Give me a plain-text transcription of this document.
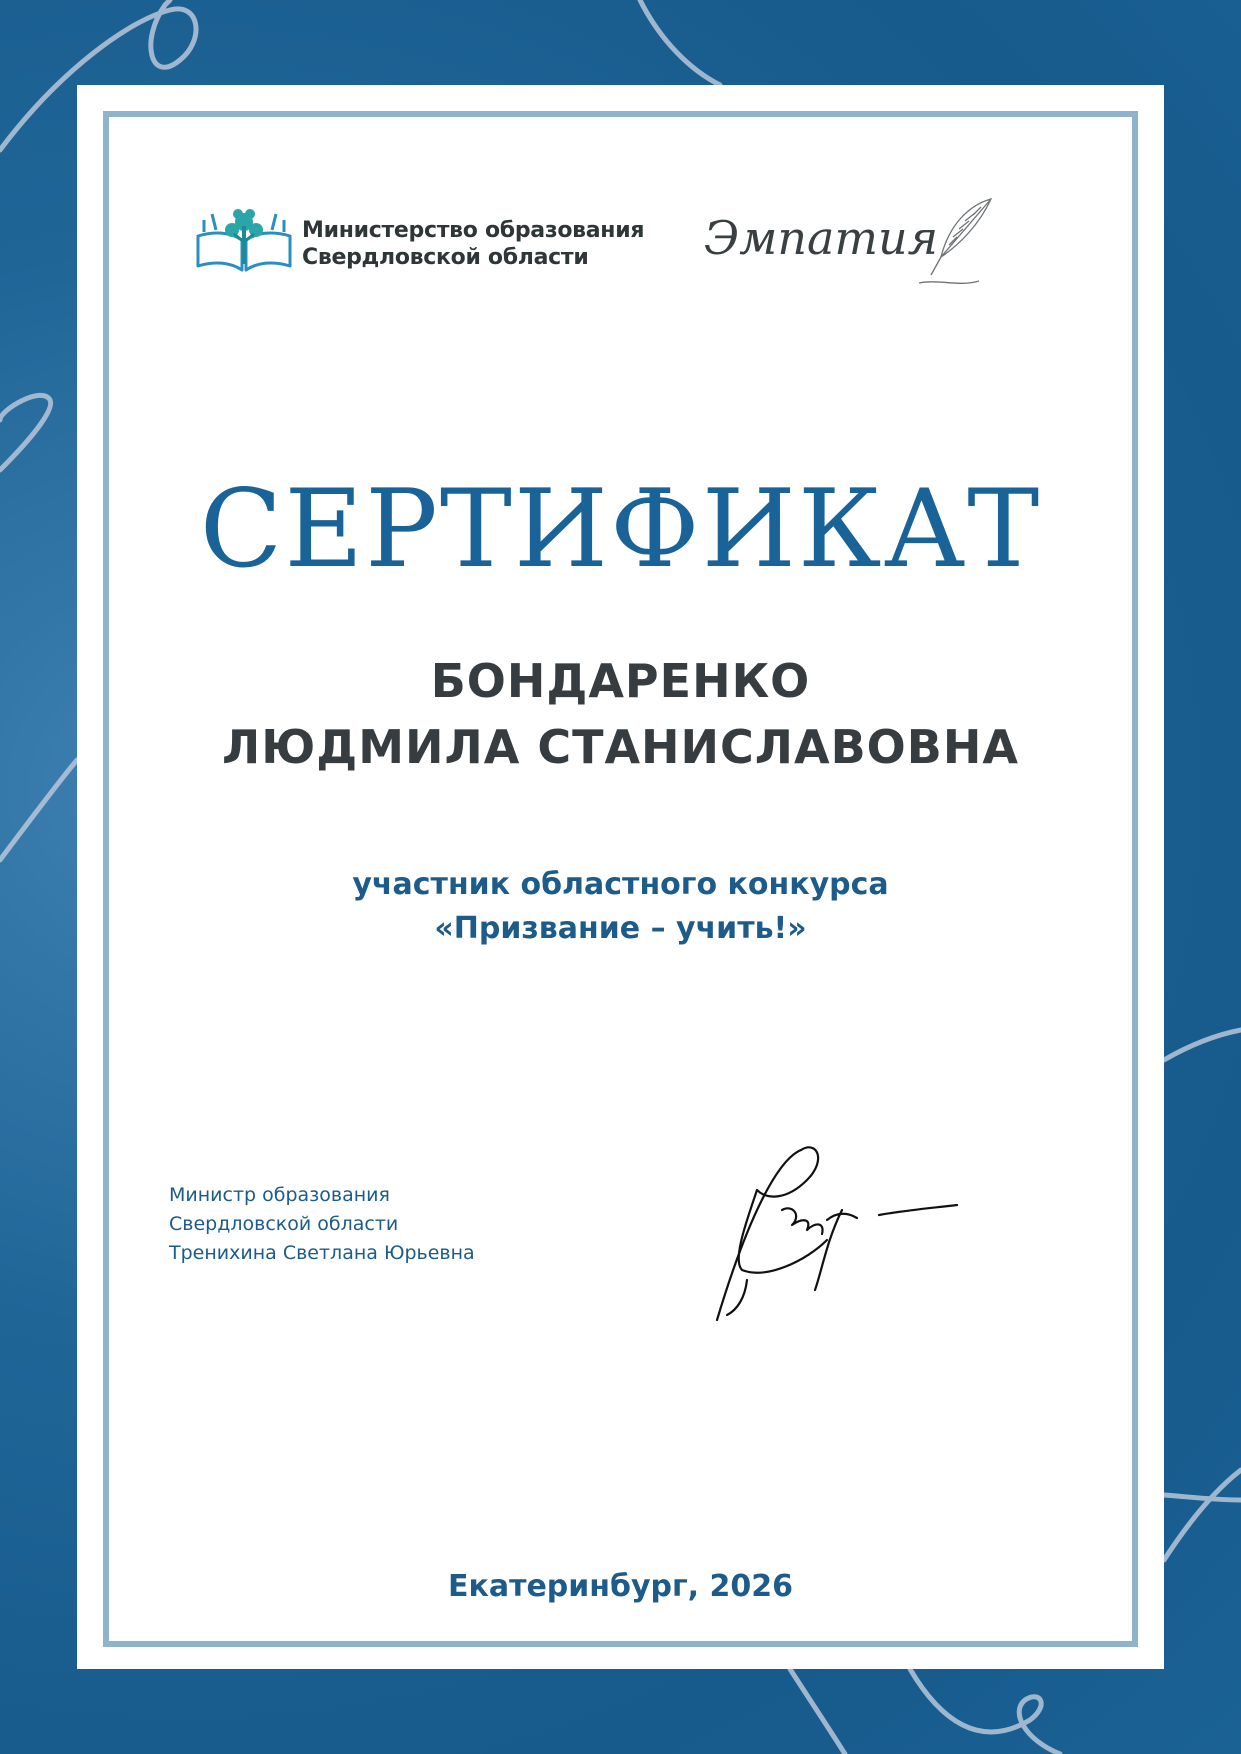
Министерство образования
Свердловской области	Эмпатия
СЕРТИФИКАТ
БОНДАРЕНКО
ЛЮДМИЛА СТАНИСЛАВОВНА
участник областного конкурса
«Призвание – учить!»
Министр образования
Свердловской области
Тренихина Светлана Юрьевна
Екатеринбург, 2026
